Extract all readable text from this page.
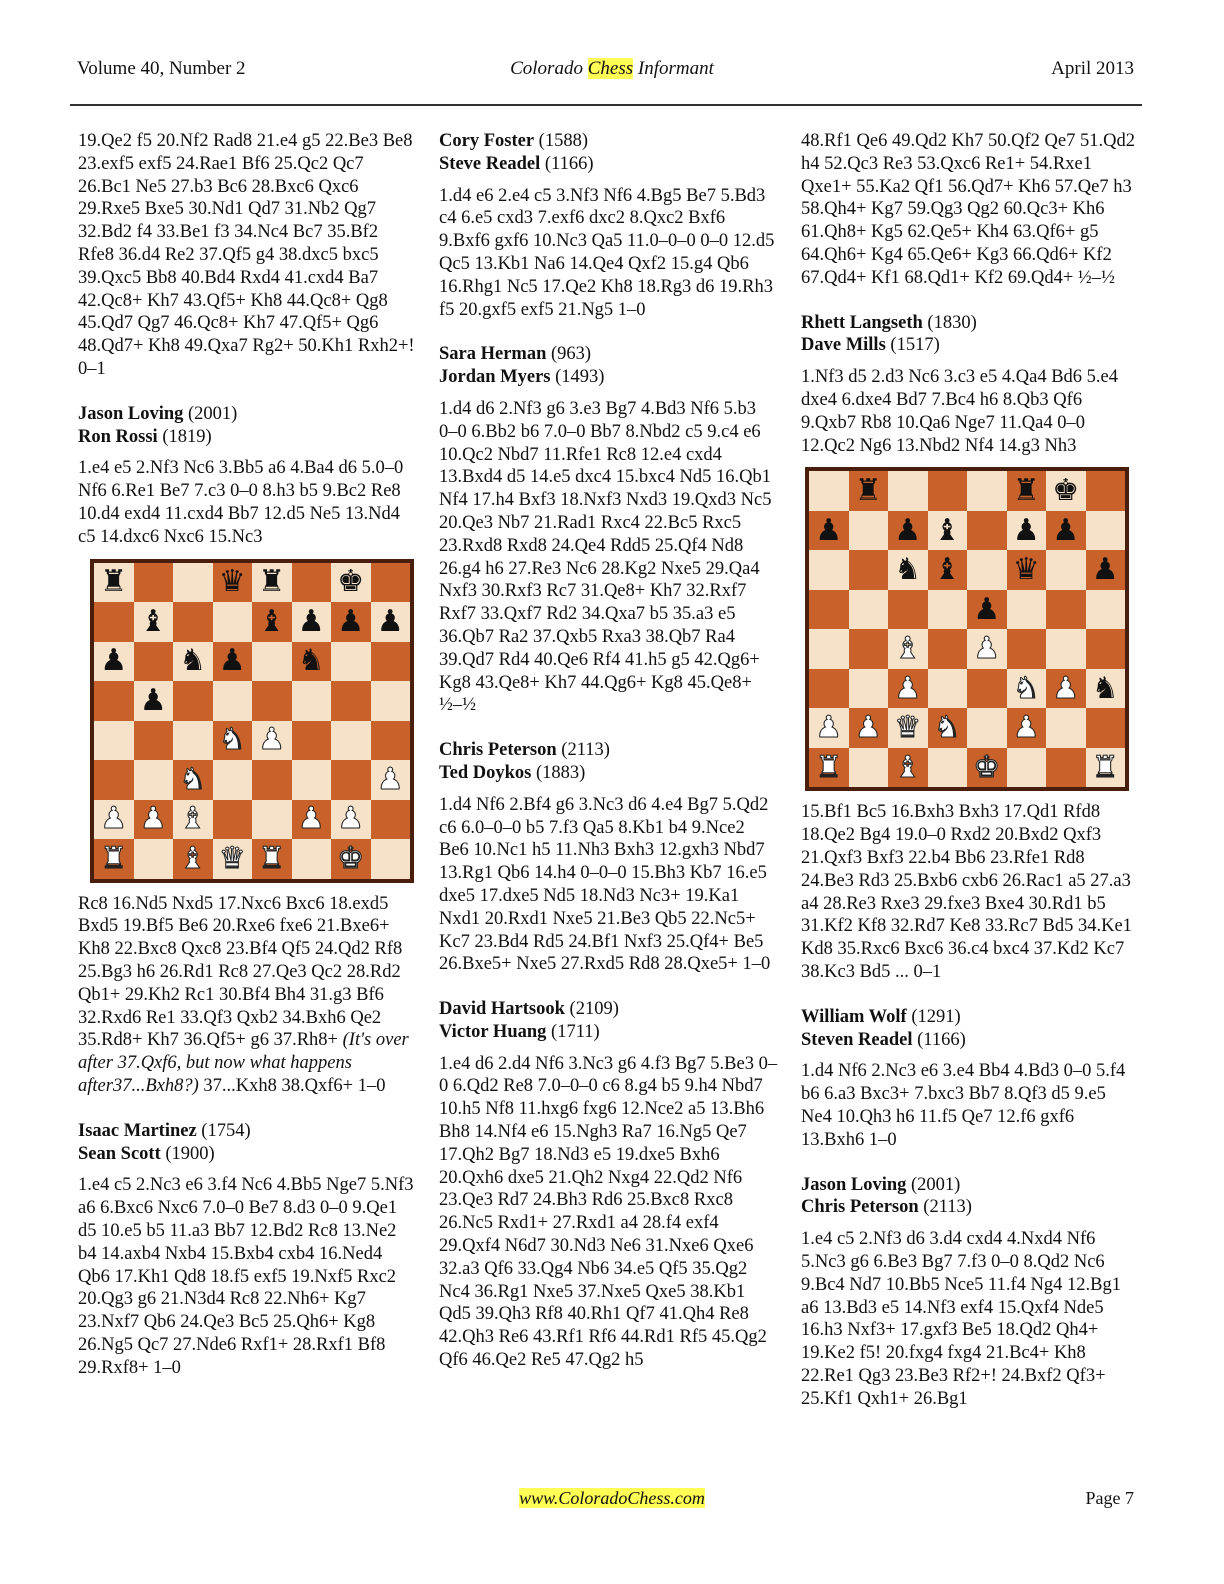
Volume 40, Number 2	Colorado Chess Informant	April 2013
19.Qe2 f5 20.Nf2 Rad8 21.e4 g5 22.Be3 Be8 23.exf5 exf5 24.Rae1 Bf6 25.Qc2 Qc7 26.Bc1 Ne5 27.b3 Bc6 28.Bxc6 Qxc6 29.Rxe5 Bxe5 30.Nd1 Qd7 31.Nb2 Qg7 32.Bd2 f4 33.Be1 f3 34.Nc4 Bc7 35.Bf2 Rfe8 36.d4 Re2 37.Qf5 g4 38.dxc5 bxc5 39.Qxc5 Bb8 40.Bd4 Rxd4 41.cxd4 Ba7 42.Qc8+ Kh7 43.Qf5+ Kh8 44.Qc8+ Qg8 45.Qd7 Qg7 46.Qc8+ Kh7 47.Qf5+ Qg6 48.Qd7+ Kh8 49.Qxa7 Rg2+ 50.Kh1 Rxh2+! 0–1
Jason Loving (2001)
Ron Rossi (1819)
1.e4 e5 2.Nf3 Nc6 3.Bb5 a6 4.Ba4 d6 5.0–0 Nf6 6.Re1 Be7 7.c3 0–0 8.h3 b5 9.Bc2 Re8 10.d4 exd4 11.cxd4 Bb7 12.d5 Ne5 13.Nd4 c5 14.dxc6 Nxc6 15.Nc3
♜	♛ ♜ ♚
♝	♝ ♟ ♟ ♟
♟ ♞ ♟ ♞
♟
♞ ♟
♞	♟
♟ ♟ ♝	♟ ♟
♜ ♝ ♛ ♜ ♚
Rc8 16.Nd5 Nxd5 17.Nxc6 Bxc6 18.exd5 Bxd5 19.Bf5 Be6 20.Rxe6 fxe6 21.Bxe6+ Kh8 22.Bxc8 Qxc8 23.Bf4 Qf5 24.Qd2 Rf8 25.Bg3 h6 26.Rd1 Rc8 27.Qe3 Qc2 28.Rd2 Qb1+ 29.Kh2 Rc1 30.Bf4 Bh4 31.g3 Bf6 32.Rxd6 Re1 33.Qf3 Qxb2 34.Bxh6 Qe2 35.Rd8+ Kh7 36.Qf5+ g6 37.Rh8+ (It's over after 37.Qxf6, but now what happens after37...Bxh8?) 37...Kxh8 38.Qxf6+ 1–0
Isaac Martinez (1754)
Sean Scott (1900)
1.e4 c5 2.Nc3 e6 3.f4 Nc6 4.Bb5 Nge7 5.Nf3 a6 6.Bxc6 Nxc6 7.0–0 Be7 8.d3 0–0 9.Qe1 d5 10.e5 b5 11.a3 Bb7 12.Bd2 Rc8 13.Ne2 b4 14.axb4 Nxb4 15.Bxb4 cxb4 16.Ned4 Qb6 17.Kh1 Qd8 18.f5 exf5 19.Nxf5 Rxc2 20.Qg3 g6 21.N3d4 Rc8 22.Nh6+ Kg7 23.Nxf7 Qb6 24.Qe3 Bc5 25.Qh6+ Kg8 26.Ng5 Qc7 27.Nde6 Rxf1+ 28.Rxf1 Bf8 29.Rxf8+ 1–0
Cory Foster (1588)
Steve Readel (1166)
1.d4 e6 2.e4 c5 3.Nf3 Nf6 4.Bg5 Be7 5.Bd3 c4 6.e5 cxd3 7.exf6 dxc2 8.Qxc2 Bxf6 9.Bxf6 gxf6 10.Nc3 Qa5 11.0–0–0 0–0 12.d5 Qc5 13.Kb1 Na6 14.Qe4 Qxf2 15.g4 Qb6 16.Rhg1 Nc5 17.Qe2 Kh8 18.Rg3 d6 19.Rh3 f5 20.gxf5 exf5 21.Ng5 1–0
Sara Herman (963)
Jordan Myers (1493)
1.d4 d6 2.Nf3 g6 3.e3 Bg7 4.Bd3 Nf6 5.b3 0–0 6.Bb2 b6 7.0–0 Bb7 8.Nbd2 c5 9.c4 e6 10.Qc2 Nbd7 11.Rfe1 Rc8 12.e4 cxd4 13.Bxd4 d5 14.e5 dxc4 15.bxc4 Nd5 16.Qb1 Nf4 17.h4 Bxf3 18.Nxf3 Nxd3 19.Qxd3 Nc5 20.Qe3 Nb7 21.Rad1 Rxc4 22.Bc5 Rxc5 23.Rxd8 Rxd8 24.Qe4 Rdd5 25.Qf4 Nd8 26.g4 h6 27.Re3 Nc6 28.Kg2 Nxe5 29.Qa4 Nxf3 30.Rxf3 Rc7 31.Qe8+ Kh7 32.Rxf7 Rxf7 33.Qxf7 Rd2 34.Qxa7 b5 35.a3 e5 36.Qb7 Ra2 37.Qxb5 Rxa3 38.Qb7 Ra4 39.Qd7 Rd4 40.Qe6 Rf4 41.h5 g5 42.Qg6+ Kg8 43.Qe8+ Kh7 44.Qg6+ Kg8 45.Qe8+ ½–½
Chris Peterson (2113)
Ted Doykos (1883)
1.d4 Nf6 2.Bf4 g6 3.Nc3 d6 4.e4 Bg7 5.Qd2 c6 6.0–0–0 b5 7.f3 Qa5 8.Kb1 b4 9.Nce2 Be6 10.Nc1 h5 11.Nh3 Bxh3 12.gxh3 Nbd7 13.Rg1 Qb6 14.h4 0–0–0 15.Bh3 Kb7 16.e5 dxe5 17.dxe5 Nd5 18.Nd3 Nc3+ 19.Ka1 Nxd1 20.Rxd1 Nxe5 21.Be3 Qb5 22.Nc5+ Kc7 23.Bd4 Rd5 24.Bf1 Nxf3 25.Qf4+ Be5 26.Bxe5+ Nxe5 27.Rxd5 Rd8 28.Qxe5+ 1–0
David Hartsook (2109)
Victor Huang (1711)
1.e4 d6 2.d4 Nf6 3.Nc3 g6 4.f3 Bg7 5.Be3 0–0 6.Qd2 Re8 7.0–0–0 c6 8.g4 b5 9.h4 Nbd7 10.h5 Nf8 11.hxg6 fxg6 12.Nce2 a5 13.Bh6 Bh8 14.Nf4 e6 15.Ngh3 Ra7 16.Ng5 Qe7 17.Qh2 Bg7 18.Nd3 e5 19.dxe5 Bxh6 20.Qxh6 dxe5 21.Qh2 Nxg4 22.Qd2 Nf6 23.Qe3 Rd7 24.Bh3 Rd6 25.Bxc8 Rxc8 26.Nc5 Rxd1+ 27.Rxd1 a4 28.f4 exf4 29.Qxf4 N6d7 30.Nd3 Ne6 31.Nxe6 Qxe6 32.a3 Qf6 33.Qg4 Nb6 34.e5 Qf5 35.Qg2 Nc4 36.Rg1 Nxe5 37.Nxe5 Qxe5 38.Kb1 Qd5 39.Qh3 Rf8 40.Rh1 Qf7 41.Qh4 Re8 42.Qh3 Re6 43.Rf1 Rf6 44.Rd1 Rf5 45.Qg2 Qf6 46.Qe2 Re5 47.Qg2 h5
48.Rf1 Qe6 49.Qd2 Kh7 50.Qf2 Qe7 51.Qd2 h4 52.Qc3 Re3 53.Qxc6 Re1+ 54.Rxe1 Qxe1+ 55.Ka2 Qf1 56.Qd7+ Kh6 57.Qe7 h3 58.Qh4+ Kg7 59.Qg3 Qg2 60.Qc3+ Kh6 61.Qh8+ Kg5 62.Qe5+ Kh4 63.Qf6+ g5 64.Qh6+ Kg4 65.Qe6+ Kg3 66.Qd6+ Kf2 67.Qd4+ Kf1 68.Qd1+ Kf2 69.Qd4+ ½–½
Rhett Langseth (1830)
Dave Mills (1517)
1.Nf3 d5 2.d3 Nc6 3.c3 e5 4.Qa4 Bd6 5.e4 dxe4 6.dxe4 Bd7 7.Bc4 h6 8.Qb3 Qf6 9.Qxb7 Rb8 10.Qa6 Nge7 11.Qa4 0–0 12.Qc2 Ng6 13.Nbd2 Nf4 14.g3 Nh3
♜	♜ ♚
♟ ♟ ♝ ♟ ♟
♞ ♝ ♛ ♟
♟
♝ ♟
♟	♞ ♟ ♞
♟ ♟ ♛ ♞ ♟
♜ ♝ ♚	♜
15.Bf1 Bc5 16.Bxh3 Bxh3 17.Qd1 Rfd8 18.Qe2 Bg4 19.0–0 Rxd2 20.Bxd2 Qxf3 21.Qxf3 Bxf3 22.b4 Bb6 23.Rfe1 Rd8 24.Be3 Rd3 25.Bxb6 cxb6 26.Rac1 a5 27.a3 a4 28.Re3 Rxe3 29.fxe3 Bxe4 30.Rd1 b5 31.Kf2 Kf8 32.Rd7 Ke8 33.Rc7 Bd5 34.Ke1 Kd8 35.Rxc6 Bxc6 36.c4 bxc4 37.Kd2 Kc7 38.Kc3 Bd5 ... 0–1
William Wolf (1291)
Steven Readel (1166)
1.d4 Nf6 2.Nc3 e6 3.e4 Bb4 4.Bd3 0–0 5.f4 b6 6.a3 Bxc3+ 7.bxc3 Bb7 8.Qf3 d5 9.e5 Ne4 10.Qh3 h6 11.f5 Qe7 12.f6 gxf6 13.Bxh6 1–0
Jason Loving (2001)
Chris Peterson (2113)
1.e4 c5 2.Nf3 d6 3.d4 cxd4 4.Nxd4 Nf6 5.Nc3 g6 6.Be3 Bg7 7.f3 0–0 8.Qd2 Nc6 9.Bc4 Nd7 10.Bb5 Nce5 11.f4 Ng4 12.Bg1 a6 13.Bd3 e5 14.Nf3 exf4 15.Qxf4 Nde5 16.h3 Nxf3+ 17.gxf3 Be5 18.Qd2 Qh4+ 19.Ke2 f5! 20.fxg4 fxg4 21.Bc4+ Kh8 22.Re1 Qg3 23.Be3 Rf2+! 24.Bxf2 Qf3+ 25.Kf1 Qxh1+ 26.Bg1
www.ColoradoChess.com	Page 7
